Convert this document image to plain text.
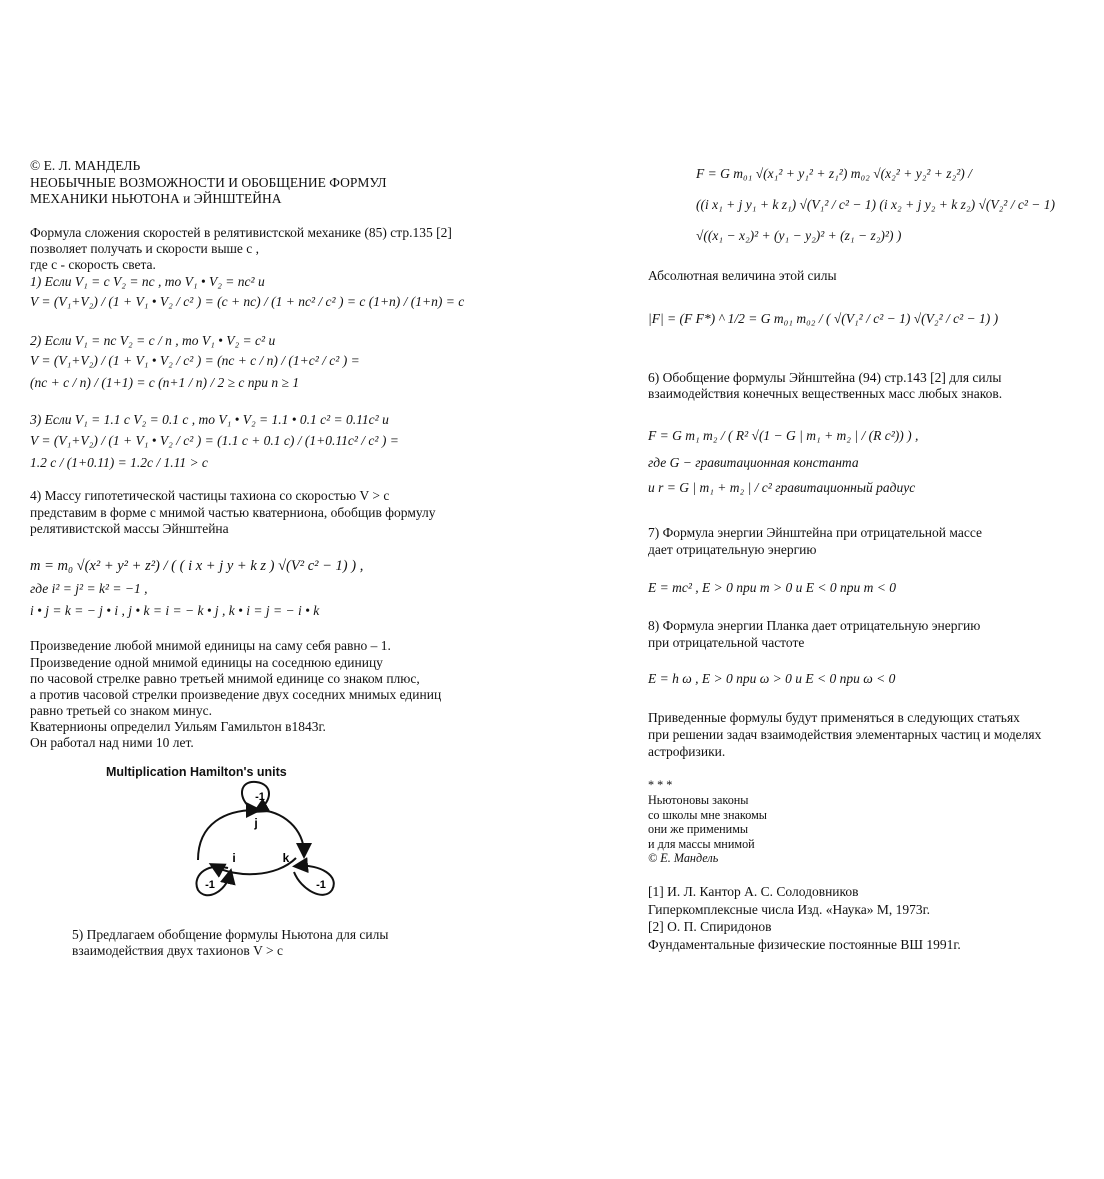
© Е. Л. МАНДЕЛЬ
НЕОБЫЧНЫЕ ВОЗМОЖНОСТИ И ОБОБЩЕНИЕ ФОРМУЛ
МЕХАНИКИ НЬЮТОНА и ЭЙНШТЕЙНА
Формула сложения скоростей в релятивистской механике (85) стр.135 [2]
позволяет получать и скорости выше с ,
где с - скорость света.
1) Если V₁ = c V₂ = nc , то V₁ • V₂ = nc² и
V = (V₁+V₂) / (1 + V₁ • V₂ / c² ) = (c + nc) / (1 + nc² / c² ) = c (1+n) / (1+n) = c
2) Если V₁ = nc V₂ = c / n , то V₁ • V₂ = c² и
V = (V₁+V₂) / (1 + V₁ • V₂ / c² ) = (nc + c / n) / (1+c² / c² ) =
(nc + c / n) / (1+1) = c (n+1 / n) / 2 ≥ c при n ≥ 1
3) Если V₁ = 1.1 c V₂ = 0.1 c , то V₁ • V₂ = 1.1 • 0.1 c² = 0.11c² и
V = (V₁+V₂) / (1 + V₁ • V₂ / c² ) = (1.1 c + 0.1 c) / (1+0.11c² / c² ) =
1.2 c / (1+0.11) = 1.2c / 1.11 > c
4) Массу гипотетической частицы тахиона со скоростью V > c
представим в форме с мнимой частью кватерниона, обобщив формулу
релятивистской массы Эйнштейна
m = m₀ √(x² + y² + z²) / ( ( i x + j y + k z ) √(V² c² − 1) ) ,
где i² = j² = k² = −1 ,
i • j = k = − j • i , j • k = i = − k • j , k • i = j = − i • k
Произведение любой мнимой единицы на саму себя равно – 1.
Произведение одной мнимой единицы на соседнюю единицу
по часовой стрелке равно третьей мнимой единице со знаком плюс,
а против часовой стрелки произведение двух соседних мнимых единиц
равно третьей со знаком минус.
Кватернионы определил Уильям Гамильтон в1843г.
Он работал над ними 10 лет.
Multiplication Hamilton's units
j
i	k
-1
-1	-1
5) Предлагаем обобщение формулы Ньютона для силы
взаимодействия двух тахионов V > c
F = G m₀₁ √(x₁² + y₁² + z₁²) m₀₂ √(x₂² + y₂² + z₂²) /
((i x₁ + j y₁ + k z₁) √(V₁² / c² − 1) (i x₂ + j y₂ + k z₂) √(V₂² / c² − 1)
√((x₁ − x₂)² + (y₁ − y₂)² + (z₁ − z₂)²) )
Абсолютная величина этой силы
|F| = (F F*) ^ 1/2 = G m₀₁ m₀₂ / ( √(V₁² / c² − 1) √(V₂² / c² − 1) )
6) Обобщение формулы Эйнштейна (94) стр.143 [2] для силы
взаимодействия конечных вещественных масс любых знаков.
F = G m₁ m₂ / ( R² √(1 − G | m₁ + m₂ | / (R c²)) ) ,
где G − гравитационная константа
и r = G | m₁ + m₂ | / c² гравитационный радиус
7) Формула энергии Эйнштейна при отрицательной массе
дает отрицательную энергию
E = mc² , E > 0 при m > 0 и E < 0 при m < 0
8) Формула энергии Планка дает отрицательную энергию
при отрицательной частоте
E = h ω , E > 0 при ω > 0 и E < 0 при ω < 0
Приведенные формулы будут применяться в следующих статьях
при решении задач взаимодействия элементарных частиц и моделях
астрофизики.
* * *
Ньютоновы законы
со школы мне знакомы
они же применимы
и для массы мнимой
© Е. Мандель
[1] И. Л. Кантор А. С. Солодовников
Гиперкомплексные числа Изд. «Наука» М, 1973г.
[2] О. П. Спиридонов
Фундаментальные физические постоянные ВШ 1991г.
